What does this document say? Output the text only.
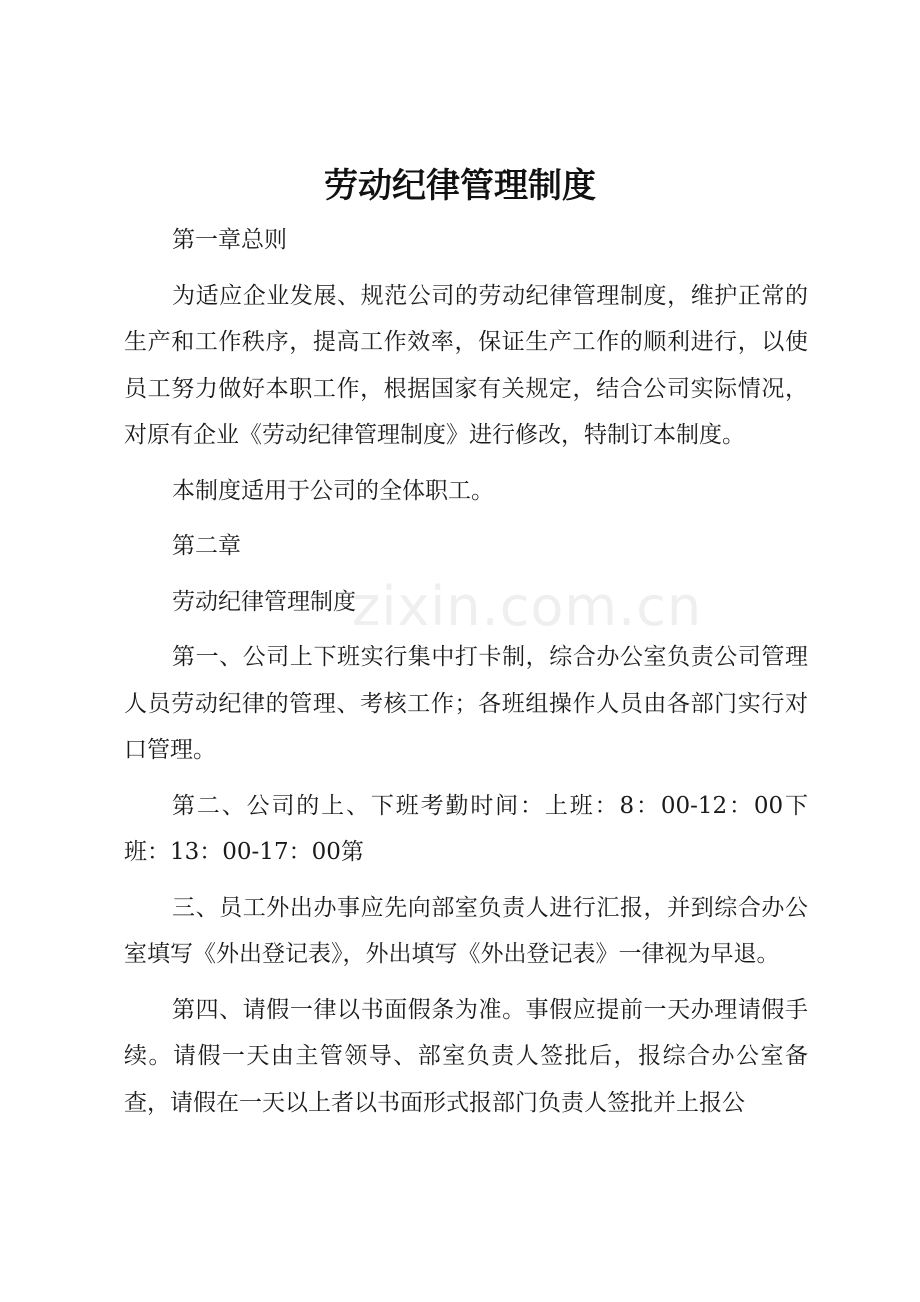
劳动纪律管理制度

第一章总则

为适应企业发展、规范公司的劳动纪律管理制度，维护正常的生产和工作秩序，提高工作效率，保证生产工作的顺利进行，以使员工努力做好本职工作，根据国家有关规定，结合公司实际情况，对原有企业《劳动纪律管理制度》进行修改，特制订本制度。

本制度适用于公司的全体职工。

第二章

劳动纪律管理制度

第一、公司上下班实行集中打卡制，综合办公室负责公司管理人员劳动纪律的管理、考核工作；各班组操作人员由各部门实行对口管理。

第二、公司的上、下班考勤时间：上班：8：00-12：00下班：13：00-17：00第

三、员工外出办事应先向部室负责人进行汇报，并到综合办公室填写《外出登记表》，外出填写《外出登记表》一律视为早退。

第四、请假一律以书面假条为准。事假应提前一天办理请假手续。请假一天由主管领导、部室负责人签批后，报综合办公室备查，请假在一天以上者以书面形式报部门负责人签批并上报公

zixin.com.cn
